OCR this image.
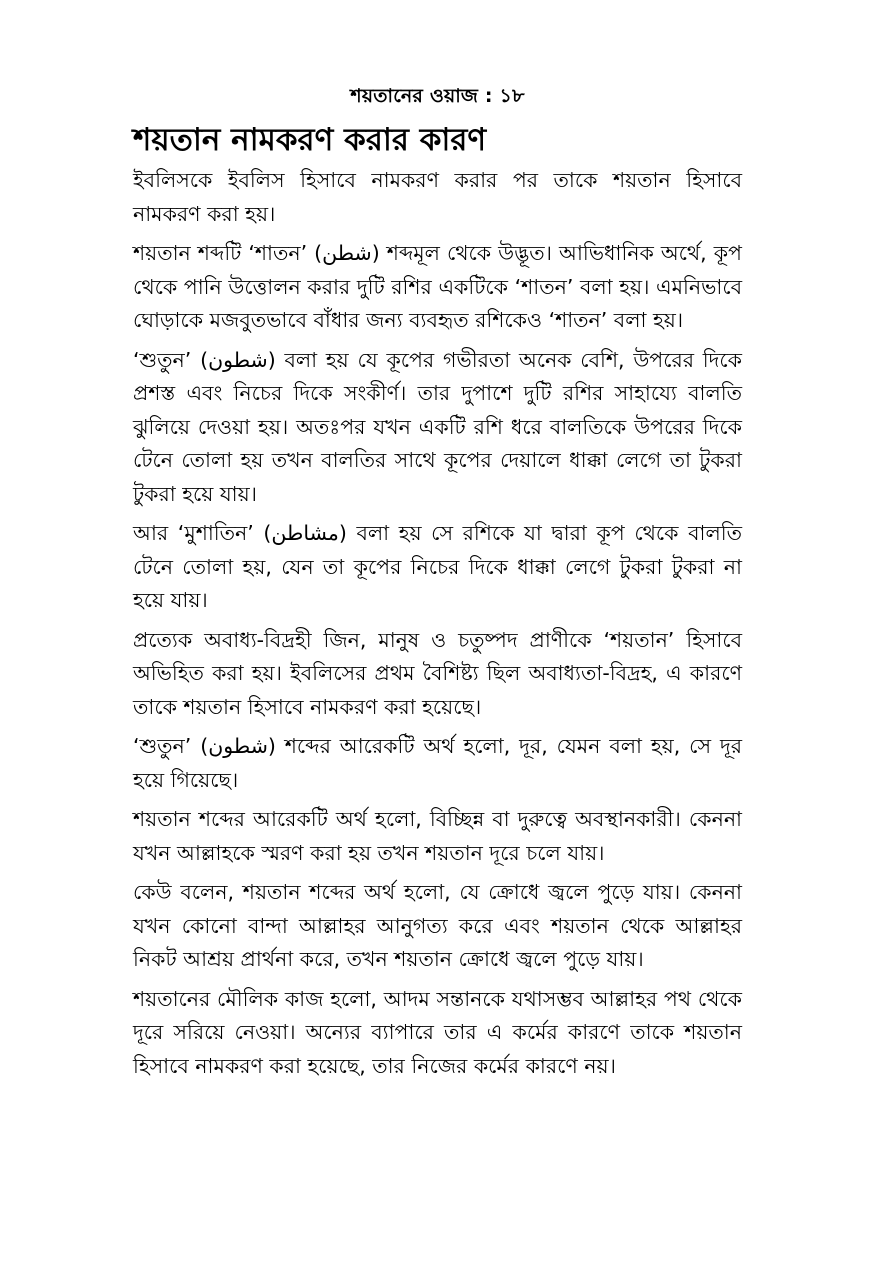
শয়তানের ওয়াজ : ১৮
শয়তান নামকরণ করার কারণ

ইবলিসকে ইবলিস হিসাবে নামকরণ করার পর তাকে শয়তান হিসাবে নামকরণ করা হয়।

শয়তান শব্দটি ‘শাতন’ (شطن) শব্দমূল থেকে উদ্ভূত। আভিধানিক অর্থে, কূপ থেকে পানি উত্তোলন করার দুটি রশির একটিকে ‘শাতন’ বলা হয়। এমনিভাবে ঘোড়াকে মজবুতভাবে বাঁধার জন্য ব্যবহৃত রশিকেও ‘শাতন’ বলা হয়।

‘শুতুন’ (شطون) বলা হয় যে কূপের গভীরতা অনেক বেশি, উপরের দিকে প্রশস্ত এবং নিচের দিকে সংকীর্ণ। তার দুপাশে দুটি রশির সাহায্যে বালতি ঝুলিয়ে দেওয়া হয়। অতঃপর যখন একটি রশি ধরে বালতিকে উপরের দিকে টেনে তোলা হয় তখন বালতির সাথে কূপের দেয়ালে ধাক্কা লেগে তা টুকরা টুকরা হয়ে যায়।

আর ‘মুশাতিন’ (مشاطن) বলা হয় সে রশিকে যা দ্বারা কূপ থেকে বালতি টেনে তোলা হয়, যেন তা কূপের নিচের দিকে ধাক্কা লেগে টুকরা টুকরা না হয়ে যায়।

প্রত্যেক অবাধ্য-বিদ্রহী জিন, মানুষ ও চতুষ্পদ প্রাণীকে ‘শয়তান’ হিসাবে অভিহিত করা হয়। ইবলিসের প্রথম বৈশিষ্ট্য ছিল অবাধ্যতা-বিদ্রহ, এ কারণে তাকে শয়তান হিসাবে নামকরণ করা হয়েছে।

‘শুতুন’ (شطون) শব্দের আরেকটি অর্থ হলো, দূর, যেমন বলা হয়, সে দূর হয়ে গিয়েছে।

শয়তান শব্দের আরেকটি অর্থ হলো, বিচ্ছিন্ন বা দুরুত্বে অবস্থানকারী। কেননা যখন আল্লাহকে স্মরণ করা হয় তখন শয়তান দূরে চলে যায়।

কেউ বলেন, শয়তান শব্দের অর্থ হলো, যে ক্রোধে জ্বলে পুড়ে যায়। কেননা যখন কোনো বান্দা আল্লাহর আনুগত্য করে এবং শয়তান থেকে আল্লাহর নিকট আশ্রয় প্রার্থনা করে, তখন শয়তান ক্রোধে জ্বলে পুড়ে যায়।

শয়তানের মৌলিক কাজ হলো, আদম সন্তানকে যথাসম্ভব আল্লাহর পথ থেকে দূরে সরিয়ে নেওয়া। অন্যের ব্যাপারে তার এ কর্মের কারণে তাকে শয়তান হিসাবে নামকরণ করা হয়েছে, তার নিজের কর্মের কারণে নয়।
